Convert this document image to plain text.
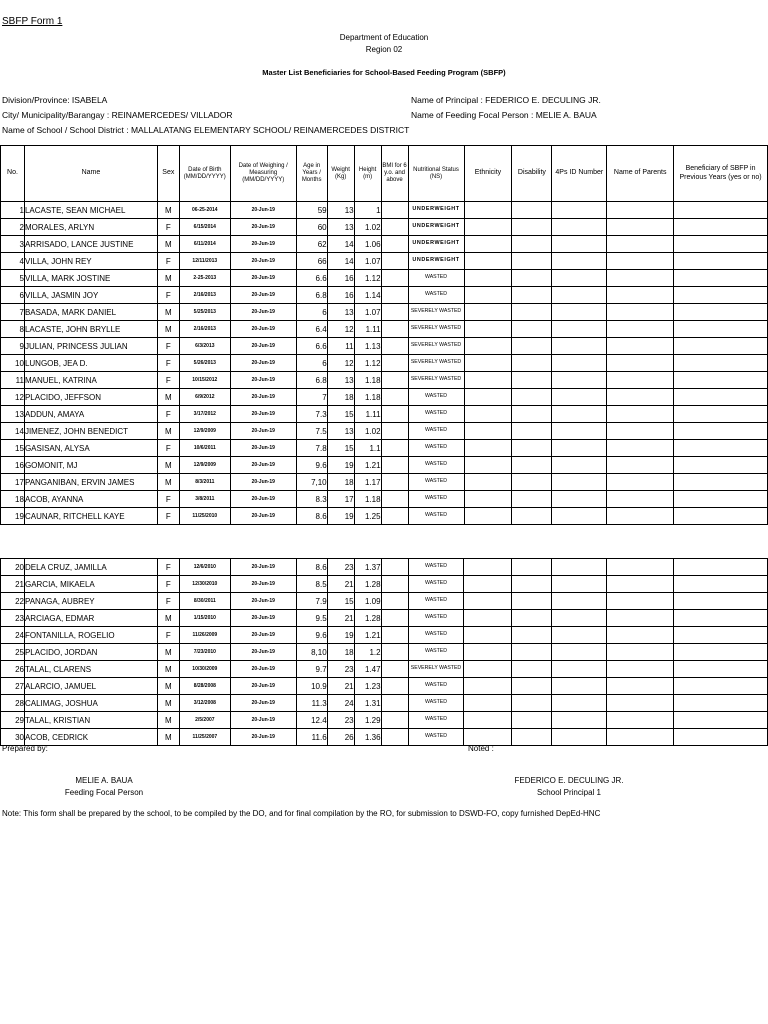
SBFP Form 1
Department of Education
Region 02
Master List Beneficiaries for School-Based Feeding Program (SBFP)
Division/Province: ISABELA
City/ Municipality/Barangay : REINAMERCEDES/ VILLADOR
Name of School / School District : MALLALATANG ELEMENTARY SCHOOL/ REINAMERCEDES DISTRICT
Name of Principal : FEDERICO E. DECULING JR.
Name of Feeding Focal Person : MELIE A. BAUA
No.	Name	Sex	Date of Birth (MM/DD/YYYY)	Date of Weighing / Measuring (MM/DD/YYYY)	Age in Years / Months	Weight (Kg)	Height (m)	BMI for 6 y.o. and above	Nutritional Status (NS)	Ethnicity	Disability	4Ps ID Number	Name of Parents	Beneficiary of SBFP in Previous Years (yes or no)
1	LACASTE, SEAN MICHAEL	M	06-25-2014	20-Jun-19	59	13	1		UNDERWEIGHT					
2	MORALES, ARLYN	F	6/15/2014	20-Jun-19	60	13	1.02		UNDERWEIGHT					
3	ARRISADO, LANCE JUSTINE	M	6/11/2014	20-Jun-19	62	14	1.06		UNDERWEIGHT					
4	VILLA, JOHN REY	F	12/11/2013	20-Jun-19	66	14	1.07		UNDERWEIGHT					
5	VILLA, MARK JOSTINE	M	2-25-2013	20-Jun-19	6.6	16	1.12		WASTED					
6	VILLA, JASMIN JOY	F	2/16/2013	20-Jun-19	6.8	16	1.14		WASTED					
7	BASADA, MARK DANIEL	M	5/25/2013	20-Jun-19	6	13	1.07		SEVERELY WASTED					
8	LACASTE, JOHN BRYLLE	M	2/16/2013	20-Jun-19	6.4	12	1.11		SEVERELY WASTED					
9	JULIAN, PRINCESS JULIAN	F	6/3/2013	20-Jun-19	6.6	11	1.13		SEVERELY WASTED					
10	LUNGOB, JEA D.	F	5/26/2013	20-Jun-19	6	12	1.12		SEVERELY WASTED					
11	MANUEL, KATRINA	F	10/15/2012	20-Jun-19	6.8	13	1.18		SEVERELY WASTED					
12	PLACIDO, JEFFSON	M	6/9/2012	20-Jun-19	7	18	1.18		WASTED					
13	ADDUN, AMAYA	F	3/17/2012	20-Jun-19	7.3	15	1.11		WASTED					
14	JIMENEZ, JOHN BENEDICT	M	12/9/2009	20-Jun-19	7.5	13	1.02		WASTED					
15	GASISAN, ALYSA	F	10/6/2011	20-Jun-19	7.8	15	1.1		WASTED					
16	GOMONIT, MJ	M	12/9/2009	20-Jun-19	9.6	19	1.21		WASTED					
17	PANGANIBAN, ERVIN JAMES	M	8/3/2011	20-Jun-19	7,10	18	1.17		WASTED					
18	ACOB, AYANNA	F	3/8/2011	20-Jun-19	8.3	17	1.18		WASTED					
19	CAUNAR, RITCHELL KAYE	F	11/25/2010	20-Jun-19	8.6	19	1.25		WASTED					
20	DELA CRUZ, JAMILLA	F	12/6/2010	20-Jun-19	8.6	23	1.37		WASTED					
21	GARCIA, MIKAELA	F	12/30/2010	20-Jun-19	8.5	21	1.28		WASTED					
22	PANAGA, AUBREY	F	8/30/2011	20-Jun-19	7.9	15	1.09		WASTED					
23	ARCIAGA, EDMAR	M	1/15/2010	20-Jun-19	9.5	21	1.28		WASTED					
24	FONTANILLA, ROGELIO	F	11/26/2009	20-Jun-19	9.6	19	1.21		WASTED					
25	PLACIDO, JORDAN	M	7/23/2010	20-Jun-19	8,10	18	1.2		WASTED					
26	TALAL, CLARENS	M	10/30/2009	20-Jun-19	9.7	23	1.47		SEVERELY WASTED					
27	ALARCIO, JAMUEL	M	8/28/2008	20-Jun-19	10.9	21	1.23		WASTED					
28	CALIMAG, JOSHUA	M	3/12/2008	20-Jun-19	11.3	24	1.31		WASTED					
29	TALAL, KRISTIAN	M	2/5/2007	20-Jun-19	12.4	23	1.29		WASTED					
30	ACOB, CEDRICK	M	11/25/2007	20-Jun-19	11.6	26	1.36		WASTED					
Prepared by:	Noted :
MELIE A. BAUA
Feeding Focal Person
FEDERICO E. DECULING JR.
School Principal 1
Note: This form shall be prepared by the school, to be compiled by the DO, and for final compilation by the RO, for submission to DSWD-FO, copy furnished DepEd-HNC
